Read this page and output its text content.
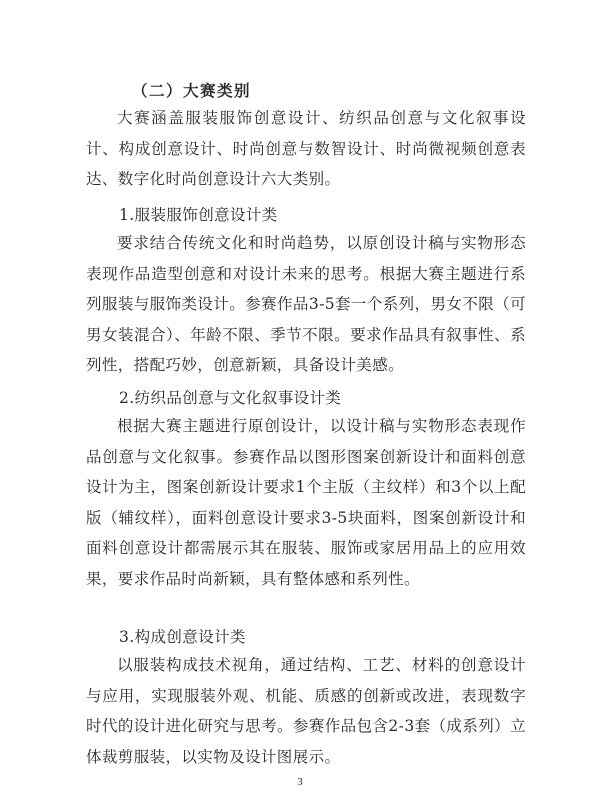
（二）大赛类别

大赛涵盖服装服饰创意设计、纺织品创意与文化叙事设计、构成创意设计、时尚创意与数智设计、时尚微视频创意表达、数字化时尚创意设计六大类别。

1.服装服饰创意设计类

要求结合传统文化和时尚趋势，以原创设计稿与实物形态表现作品造型创意和对设计未来的思考。根据大赛主题进行系列服装与服饰类设计。参赛作品3-5套一个系列，男女不限（可男女装混合）、年龄不限、季节不限。要求作品具有叙事性、系列性，搭配巧妙，创意新颖，具备设计美感。

2.纺织品创意与文化叙事设计类

根据大赛主题进行原创设计，以设计稿与实物形态表现作品创意与文化叙事。参赛作品以图形图案创新设计和面料创意设计为主，图案创新设计要求1个主版（主纹样）和3个以上配版（辅纹样），面料创意设计要求3-5块面料，图案创新设计和面料创意设计都需展示其在服装、服饰或家居用品上的应用效果，要求作品时尚新颖，具有整体感和系列性。

3.构成创意设计类

以服装构成技术视角，通过结构、工艺、材料的创意设计与应用，实现服装外观、机能、质感的创新或改进，表现数字时代的设计进化研究与思考。参赛作品包含2-3套（成系列）立体裁剪服装，以实物及设计图展示。

3
